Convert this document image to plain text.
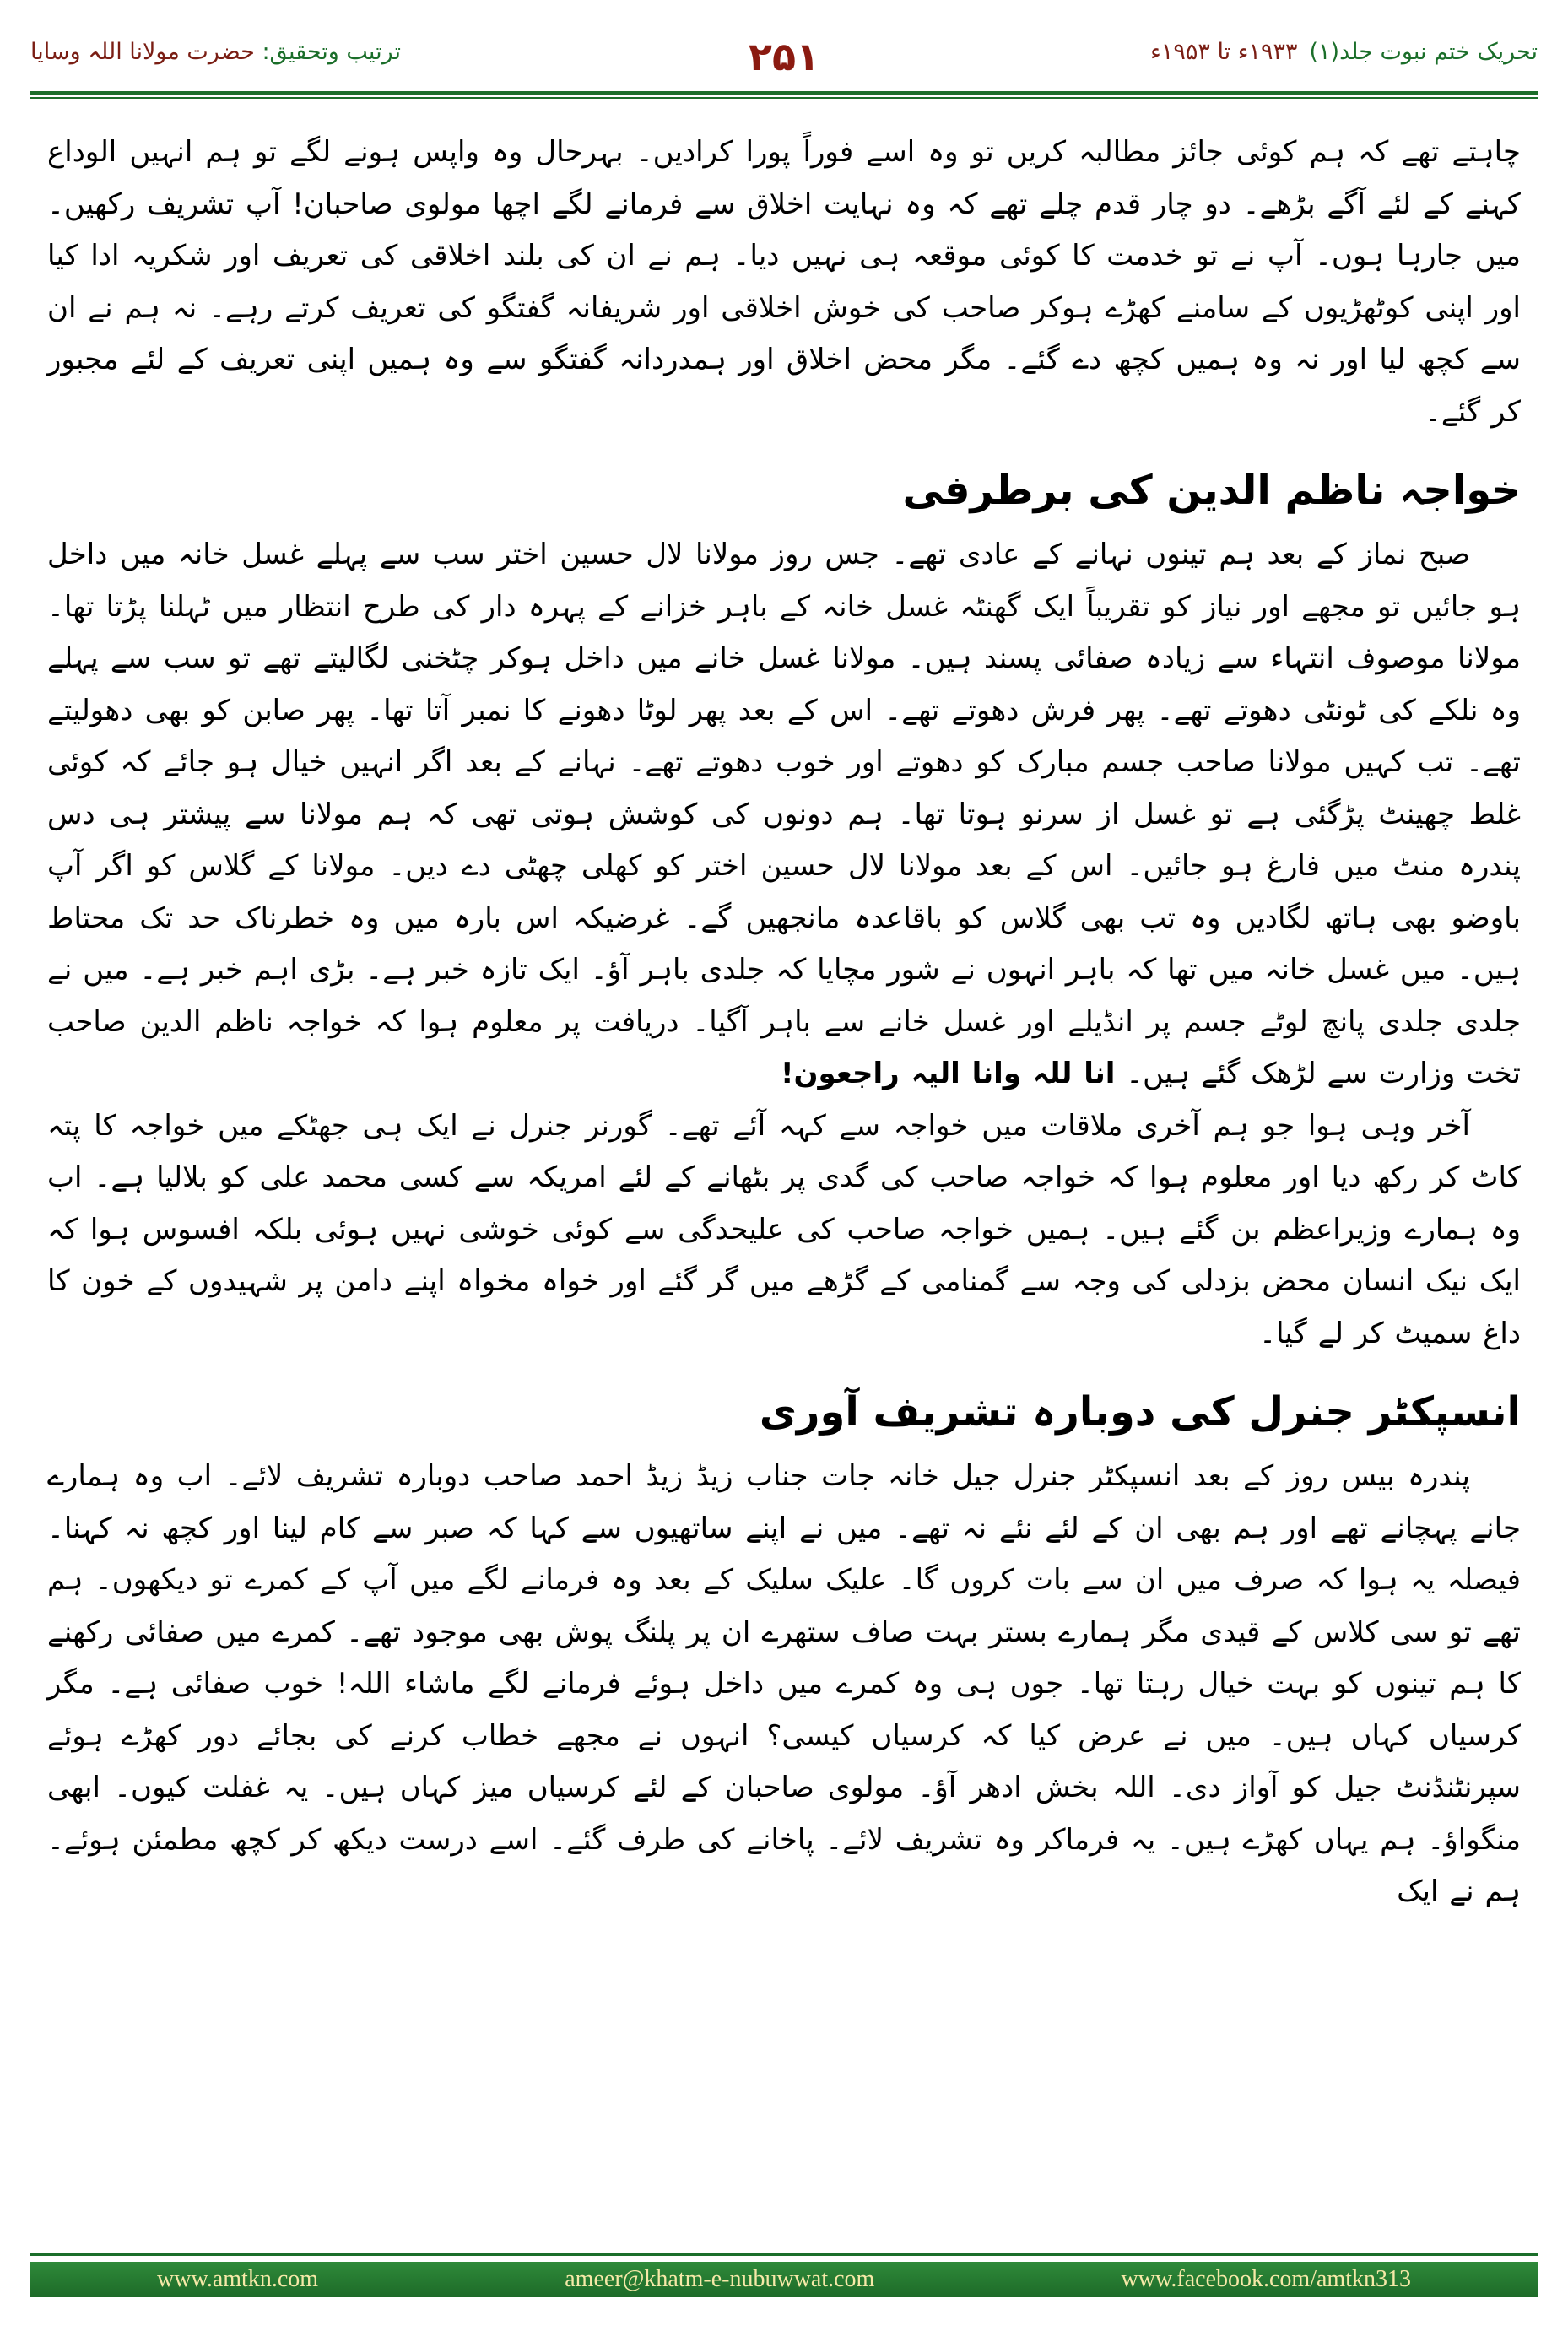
تحریک ختم نبوت جلد(۱)۱۹۳۳ء تا ۱۹۵۳ء
۲۵۱
ترتیب وتحقیق: حضرت مولانا اللہ وسایا

چاہتے تھے کہ ہم کوئی جائز مطالبہ کریں تو وہ اسے فوراً پورا کرادیں۔ بہرحال وہ واپس ہونے لگے تو ہم انہیں الوداع کہنے کے لئے آگے بڑھے۔ دو چار قدم چلے تھے کہ وہ نہایت اخلاق سے فرمانے لگے اچھا مولوی صاحبان! آپ تشریف رکھیں۔ میں جارہا ہوں۔ آپ نے تو خدمت کا کوئی موقعہ ہی نہیں دیا۔ ہم نے ان کی بلند اخلاقی کی تعریف اور شکریہ ادا کیا اور اپنی کوٹھڑیوں کے سامنے کھڑے ہوکر صاحب کی خوش اخلاقی اور شریفانہ گفتگو کی تعریف کرتے رہے۔ نہ ہم نے ان سے کچھ لیا اور نہ وہ ہمیں کچھ دے گئے۔ مگر محض اخلاق اور ہمدردانہ گفتگو سے وہ ہمیں اپنی تعریف کے لئے مجبور کر گئے۔

خواجہ ناظم الدین کی برطرفی

صبح نماز کے بعد ہم تینوں نہانے کے عادی تھے۔ جس روز مولانا لال حسین اختر سب سے پہلے غسل خانہ میں داخل ہو جائیں تو مجھے اور نیاز کو تقریباً ایک گھنٹہ غسل خانہ کے باہر خزانے کے پہرہ دار کی طرح انتظار میں ٹہلنا پڑتا تھا۔ مولانا موصوف انتہاء سے زیادہ صفائی پسند ہیں۔ مولانا غسل خانے میں داخل ہوکر چٹخنی لگالیتے تھے تو سب سے پہلے وہ نلکے کی ٹونٹی دھوتے تھے۔ پھر فرش دھوتے تھے۔ اس کے بعد پھر لوٹا دھونے کا نمبر آتا تھا۔ پھر صابن کو بھی دھولیتے تھے۔ تب کہیں مولانا صاحب جسم مبارک کو دھوتے اور خوب دھوتے تھے۔ نہانے کے بعد اگر انہیں خیال ہو جائے کہ کوئی غلط چھینٹ پڑگئی ہے تو غسل از سرنو ہوتا تھا۔ ہم دونوں کی کوشش ہوتی تھی کہ ہم مولانا سے پیشتر ہی دس پندرہ منٹ میں فارغ ہو جائیں۔ اس کے بعد مولانا لال حسین اختر کو کھلی چھٹی دے دیں۔ مولانا کے گلاس کو اگر آپ باوضو بھی ہاتھ لگادیں وہ تب بھی گلاس کو باقاعدہ مانجھیں گے۔ غرضیکہ اس بارہ میں وہ خطرناک حد تک محتاط ہیں۔ میں غسل خانہ میں تھا کہ باہر انہوں نے شور مچایا کہ جلدی باہر آؤ۔ ایک تازہ خبر ہے۔ بڑی اہم خبر ہے۔ میں نے جلدی جلدی پانچ لوٹے جسم پر انڈیلے اور غسل خانے سے باہر آگیا۔ دریافت پر معلوم ہوا کہ خواجہ ناظم الدین صاحب تخت وزارت سے لڑھک گئے ہیں۔ انا للہ وانا الیہ راجعون!

آخر وہی ہوا جو ہم آخری ملاقات میں خواجہ سے کہہ آئے تھے۔ گورنر جنرل نے ایک ہی جھٹکے میں خواجہ کا پتہ کاٹ کر رکھ دیا اور معلوم ہوا کہ خواجہ صاحب کی گدی پر بٹھانے کے لئے امریکہ سے کسی محمد علی کو بلالیا ہے۔ اب وہ ہمارے وزیراعظم بن گئے ہیں۔ ہمیں خواجہ صاحب کی علیحدگی سے کوئی خوشی نہیں ہوئی بلکہ افسوس ہوا کہ ایک نیک انسان محض بزدلی کی وجہ سے گمنامی کے گڑھے میں گر گئے اور خواہ مخواہ اپنے دامن پر شہیدوں کے خون کا داغ سمیٹ کر لے گیا۔

انسپکٹر جنرل کی دوبارہ تشریف آوری

پندرہ بیس روز کے بعد انسپکٹر جنرل جیل خانہ جات جناب زیڈ زیڈ احمد صاحب دوبارہ تشریف لائے۔ اب وہ ہمارے جانے پہچانے تھے اور ہم بھی ان کے لئے نئے نہ تھے۔ میں نے اپنے ساتھیوں سے کہا کہ صبر سے کام لینا اور کچھ نہ کہنا۔ فیصلہ یہ ہوا کہ صرف میں ان سے بات کروں گا۔ علیک سلیک کے بعد وہ فرمانے لگے میں آپ کے کمرے تو دیکھوں۔ ہم تھے تو سی کلاس کے قیدی مگر ہمارے بستر بہت صاف ستھرے ان پر پلنگ پوش بھی موجود تھے۔ کمرے میں صفائی رکھنے کا ہم تینوں کو بہت خیال رہتا تھا۔ جوں ہی وہ کمرے میں داخل ہوئے فرمانے لگے ماشاء اللہ! خوب صفائی ہے۔ مگر کرسیاں کہاں ہیں۔ میں نے عرض کیا کہ کرسیاں کیسی؟ انہوں نے مجھے خطاب کرنے کی بجائے دور کھڑے ہوئے سپرنٹنڈنٹ جیل کو آواز دی۔ اللہ بخش ادھر آؤ۔ مولوی صاحبان کے لئے کرسیاں میز کہاں ہیں۔ یہ غفلت کیوں۔ ابھی منگواؤ۔ ہم یہاں کھڑے ہیں۔ یہ فرماکر وہ تشریف لائے۔ پاخانے کی طرف گئے۔ اسے درست دیکھ کر کچھ مطمئن ہوئے۔ ہم نے ایک

www.amtkn.com	ameer@khatm-e-nubuwwat.com	www.facebook.com/amtkn313
